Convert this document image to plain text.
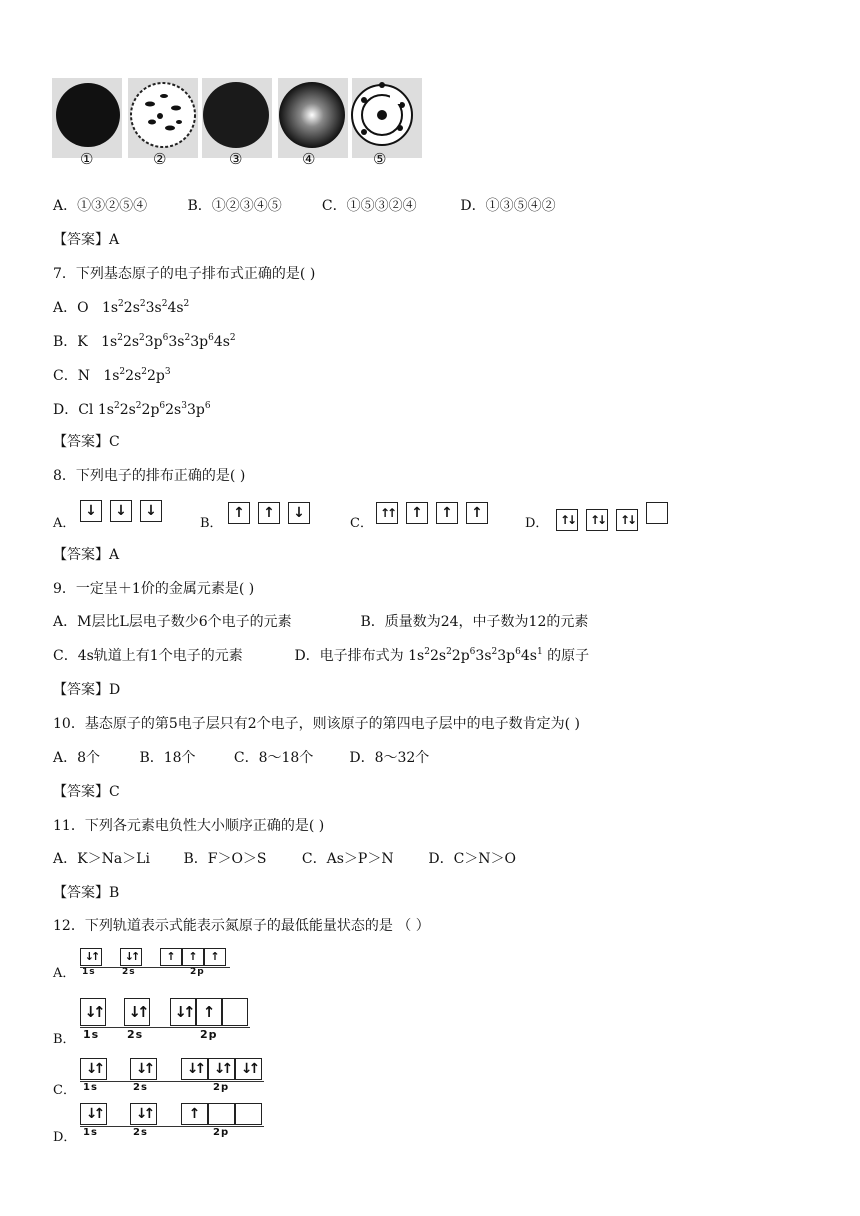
①	②	③	④	⑤
A．①③②⑤④	B．①②③④⑤	C．①⑤③②④	D．①③⑤④②
【答案】A
7．下列基态原子的电子排布式正确的是( )
A．O $1s^22s^23s^24s^2$
B．K $1s^22s^23p^63s^23p^64s^2$
C．N $1s^22s^22p^3$
D．Cl $1s^22s^22p^62s^33p^6$
【答案】C
8．下列电子的排布正确的是( )
A．
↓ ↓ ↓
B．
↑ ↑ ↓
C．
↑↑ ↑ ↑ ↑
D． ↑↓ ↑↓ ↑↓
【答案】A
9．一定呈＋1价的金属元素是( )
A．M层比L层电子数少6个电子的元素	B．质量数为24，中子数为12的元素
C．4s轨道上有1个电子的元素	D．电子排布式为 $1s^22s^22p^63s^23p^64s^1$ 的原子
【答案】D
10．基态原子的第5电子层只有2个电子，则该原子的第四电子层中的电子数肯定为( )
A．8个	B．18个	C．8～18个	D．8～32个
【答案】C
11．下列各元素电负性大小顺序正确的是( )
A．K＞Na＞Li B．F＞O＞S	C．As＞P＞N D．C＞N＞O
【答案】B
12．下列轨道表示式能表示氮原子的最低能量状态的是 （ ）
A．
↓↑	↓↑	↑	↑	↑
1s	2s	2p
B．
↓↑ ↓↑ ↓↑ ↑
1s	2s	2p
C．
↓↑	↓↑	↓↑ ↓↑ ↓↑
1s	2s	2p
D．
↓↑	↓↑	↑
1s	2s	2p
